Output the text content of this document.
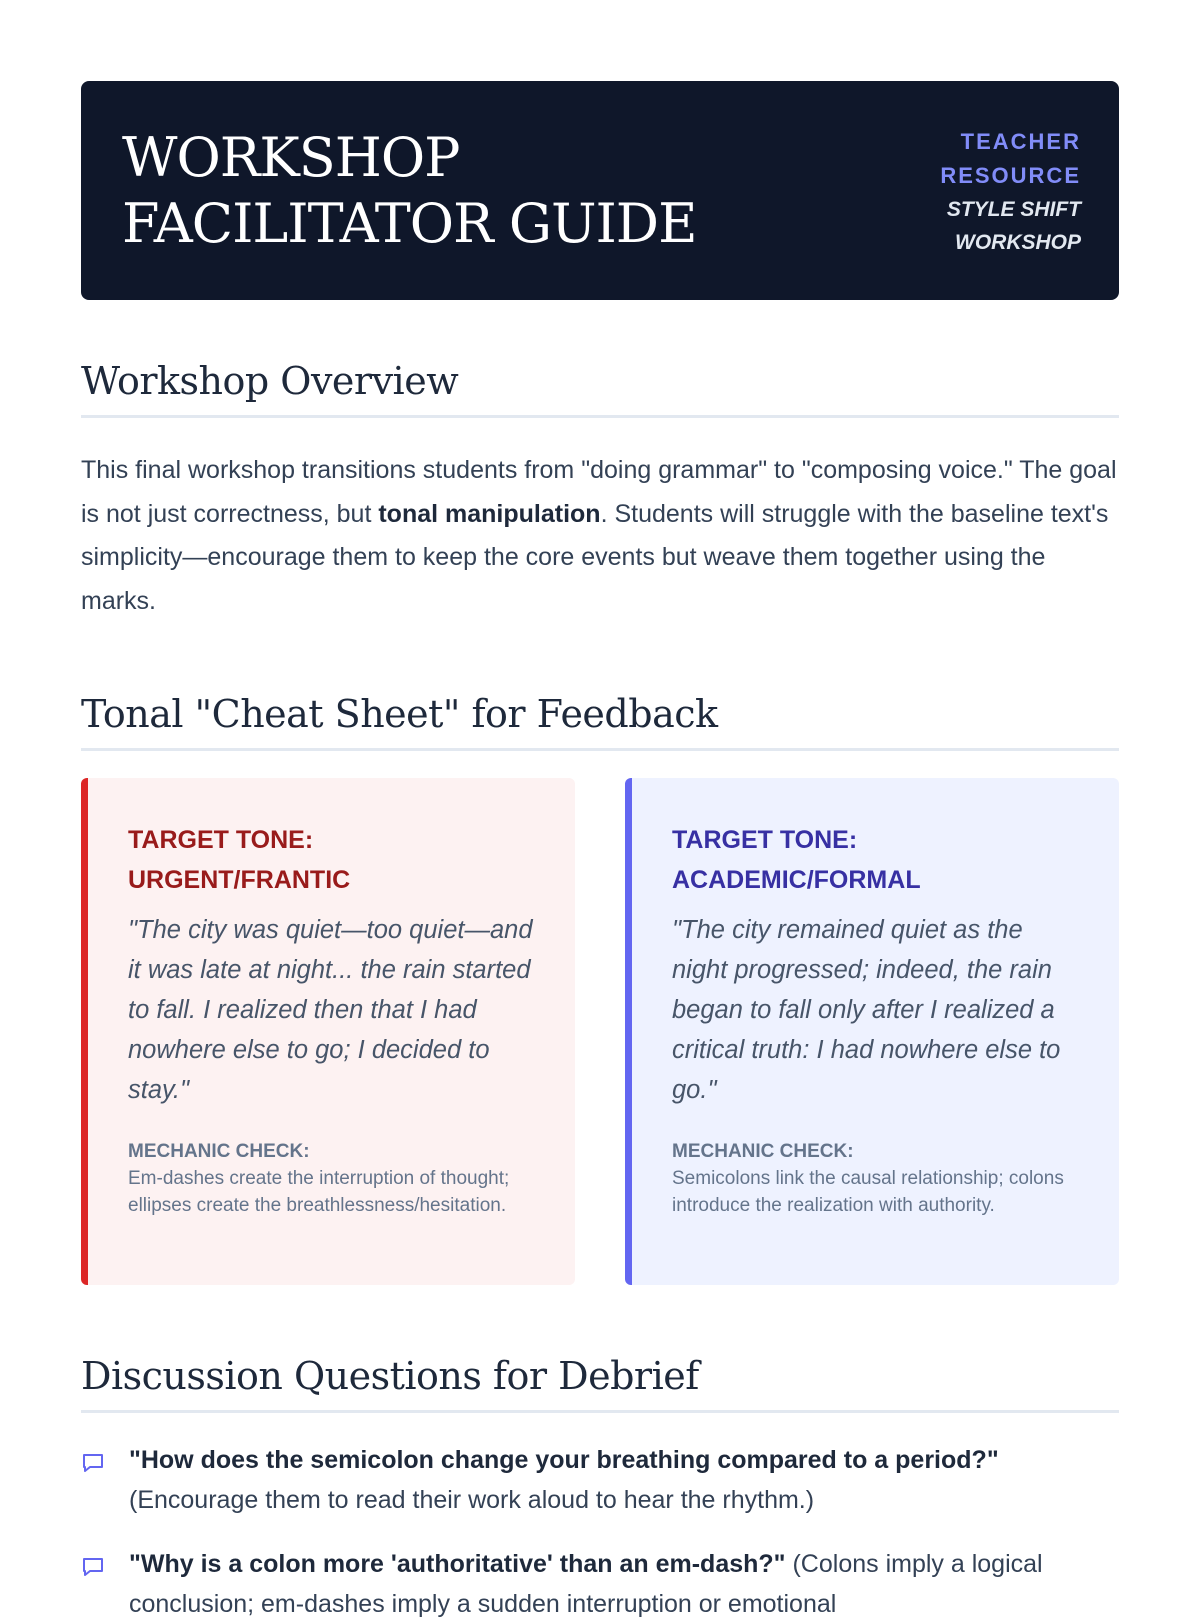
WORKSHOP FACILITATOR GUIDE
TEACHER RESOURCE
STYLE SHIFT WORKSHOP
Workshop Overview

This final workshop transitions students from "doing grammar" to "composing voice." The goal is not just correctness, but tonal manipulation. Students will struggle with the baseline text's simplicity—encourage them to keep the core events but weave them together using the marks.

Tonal "Cheat Sheet" for Feedback
TARGET TONE: URGENT/FRANTIC

"The city was quiet—too quiet—and it was late at night... the rain started to fall. I realized then that I had nowhere else to go; I decided to stay."

MECHANIC CHECK:
Em-dashes create the interruption of thought; ellipses create the breathlessness/hesitation.
TARGET TONE: ACADEMIC/FORMAL

"The city remained quiet as the night progressed; indeed, the rain began to fall only after I realized a critical truth: I had nowhere else to go."

MECHANIC CHECK:
Semicolons link the causal relationship; colons introduce the realization with authority.
Discussion Questions for Debrief
"How does the semicolon change your breathing compared to a period?" (Encourage them to read their work aloud to hear the rhythm.)
"Why is a colon more 'authoritative' than an em-dash?" (Colons imply a logical conclusion; em-dashes imply a sudden interruption or emotional
